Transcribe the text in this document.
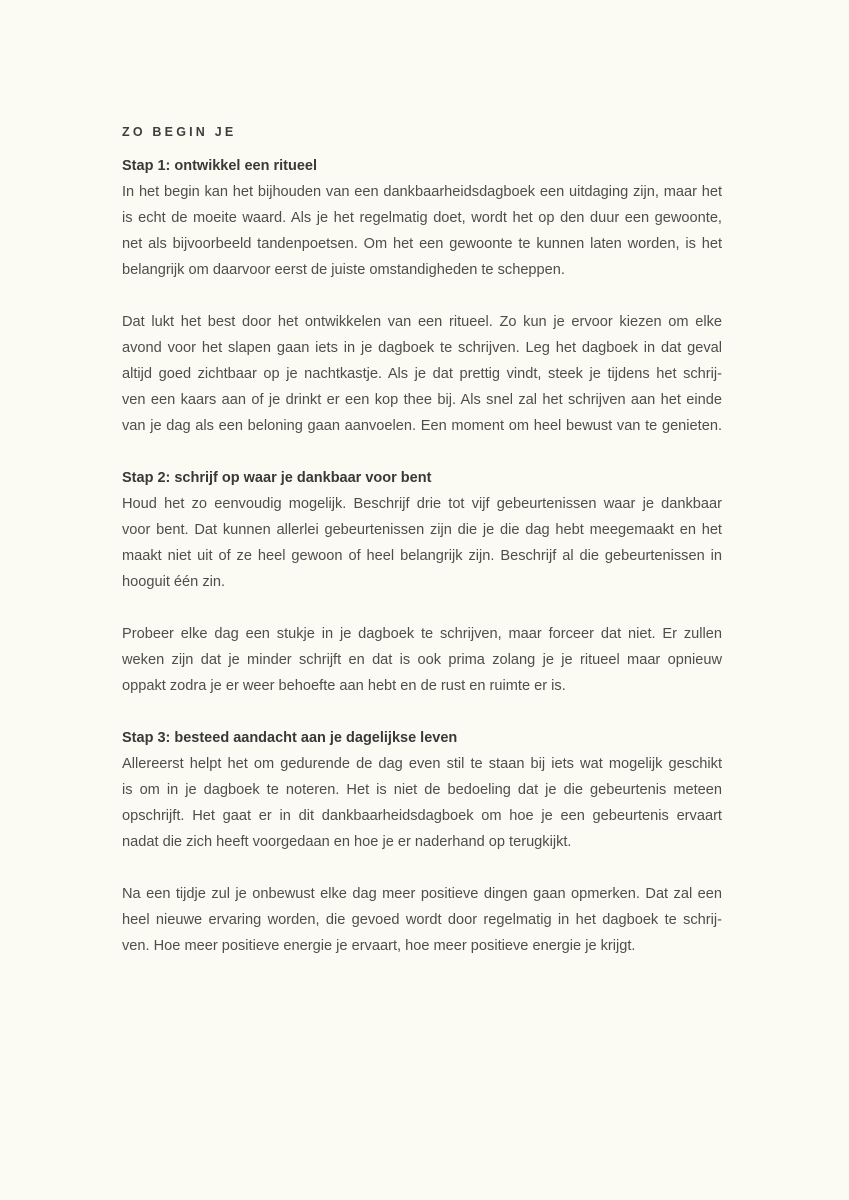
ZO BEGIN JE
Stap 1: ontwikkel een ritueel

In het begin kan het bijhouden van een dankbaarheidsdagboek een uitdaging zijn, maar het
is echt de moeite waard. Als je het regelmatig doet, wordt het op den duur een gewoonte,
net als bijvoorbeeld tandenpoetsen. Om het een gewoonte te kunnen laten worden, is het
belangrijk om daarvoor eerst de juiste omstandigheden te scheppen.

Dat lukt het best door het ontwikkelen van een ritueel. Zo kun je ervoor kiezen om elke
avond voor het slapen gaan iets in je dagboek te schrijven. Leg het dagboek in dat geval
altijd goed zichtbaar op je nachtkastje. Als je dat prettig vindt, steek je tijdens het schrij-
ven een kaars aan of je drinkt er een kop thee bij. Als snel zal het schrijven aan het einde
van je dag als een beloning gaan aanvoelen. Een moment om heel bewust van te genieten.

Stap 2: schrijf op waar je dankbaar voor bent

Houd het zo eenvoudig mogelijk. Beschrijf drie tot vijf gebeurtenissen waar je dankbaar
voor bent. Dat kunnen allerlei gebeurtenissen zijn die je die dag hebt meegemaakt en het
maakt niet uit of ze heel gewoon of heel belangrijk zijn. Beschrijf al die gebeurtenissen in
hooguit één zin.

Probeer elke dag een stukje in je dagboek te schrijven, maar forceer dat niet. Er zullen
weken zijn dat je minder schrijft en dat is ook prima zolang je je ritueel maar opnieuw
oppakt zodra je er weer behoefte aan hebt en de rust en ruimte er is.

Stap 3: besteed aandacht aan je dagelijkse leven

Allereerst helpt het om gedurende de dag even stil te staan bij iets wat mogelijk geschikt
is om in je dagboek te noteren. Het is niet de bedoeling dat je die gebeurtenis meteen
opschrijft. Het gaat er in dit dankbaarheidsdagboek om hoe je een gebeurtenis ervaart
nadat die zich heeft voorgedaan en hoe je er naderhand op terugkijkt.

Na een tijdje zul je onbewust elke dag meer positieve dingen gaan opmerken. Dat zal een
heel nieuwe ervaring worden, die gevoed wordt door regelmatig in het dagboek te schrij-
ven. Hoe meer positieve energie je ervaart, hoe meer positieve energie je krijgt.
